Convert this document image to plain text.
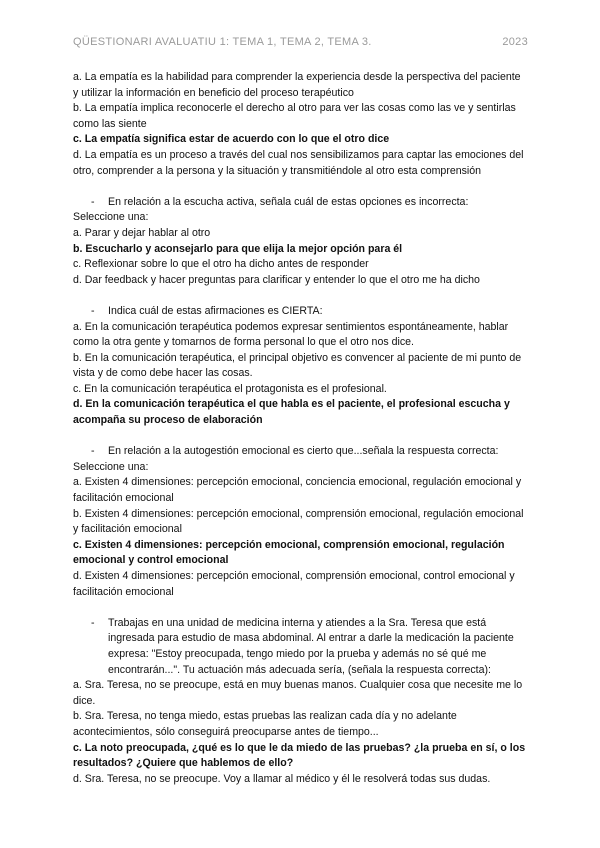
QÜESTIONARI AVALUATIU 1: TEMA 1, TEMA 2, TEMA 3.	2023

a. La empatía es la habilidad para comprender la experiencia desde la perspectiva del paciente y utilizar la información en beneficio del proceso terapéutico

b. La empatía implica reconocerle el derecho al otro para ver las cosas como las ve y sentirlas como las siente

c. La empatía significa estar de acuerdo con lo que el otro dice

d. La empatía es un proceso a través del cual nos sensibilizamos para captar las emociones del otro, comprender a la persona y la situación y transmitiéndole al otro esta comprensión

- En relación a la escucha activa, señala cuál de estas opciones es incorrecta:

Seleccione una:

a. Parar y dejar hablar al otro

b. Escucharlo y aconsejarlo para que elija la mejor opción para él

c. Reflexionar sobre lo que el otro ha dicho antes de responder

d. Dar feedback y hacer preguntas para clarificar y entender lo que el otro me ha dicho

- Indica cuál de estas afirmaciones es CIERTA:

a. En la comunicación terapéutica podemos expresar sentimientos espontáneamente, hablar como la otra gente y tomarnos de forma personal lo que el otro nos dice.

b. En la comunicación terapéutica, el principal objetivo es convencer al paciente de mi punto de vista y de como debe hacer las cosas.

c. En la comunicación terapéutica el protagonista es el profesional.

d. En la comunicación terapéutica el que habla es el paciente, el profesional escucha y acompaña su proceso de elaboración

- En relación a la autogestión emocional es cierto que...señala la respuesta correcta:

Seleccione una:

a. Existen 4 dimensiones: percepción emocional, conciencia emocional, regulación emocional y facilitación emocional

b. Existen 4 dimensiones: percepción emocional, comprensión emocional, regulación emocional y facilitación emocional

c. Existen 4 dimensiones: percepción emocional, comprensión emocional, regulación emocional y control emocional

d. Existen 4 dimensiones: percepción emocional, comprensión emocional, control emocional y facilitación emocional

- Trabajas en una unidad de medicina interna y atiendes a la Sra. Teresa que está ingresada para estudio de masa abdominal. Al entrar a darle la medicación la paciente expresa: "Estoy preocupada, tengo miedo por la prueba y además no sé qué me encontrarán...". Tu actuación más adecuada sería, (señala la respuesta correcta):

a. Sra. Teresa, no se preocupe, está en muy buenas manos. Cualquier cosa que necesite me lo dice.

b. Sra. Teresa, no tenga miedo, estas pruebas las realizan cada día y no adelante acontecimientos, sólo conseguirá preocuparse antes de tiempo...

c. La noto preocupada, ¿qué es lo que le da miedo de las pruebas? ¿la prueba en sí, o los resultados? ¿Quiere que hablemos de ello?

d. Sra. Teresa, no se preocupe. Voy a llamar al médico y él le resolverá todas sus dudas.
